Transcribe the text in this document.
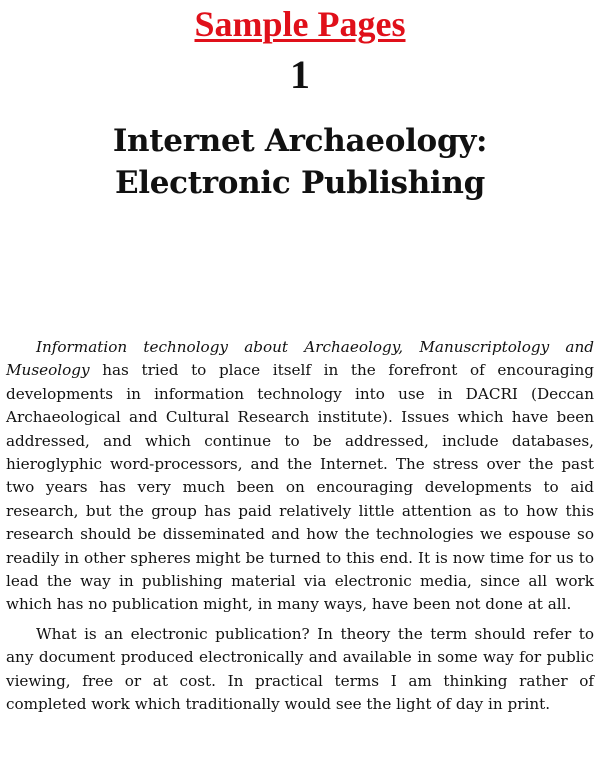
Sample Pages
1
Internet Archaeology:
Electronic Publishing

Information technology about Archaeology, Manuscriptology and Museology has tried to place itself in the forefront of encouraging developments in information technology into use in DACRI (Deccan Archaeological and Cultural Research institute). Issues which have been addressed, and which continue to be addressed, include databases, hieroglyphic word-processors, and the Internet. The stress over the past two years has very much been on encouraging developments to aid research, but the group has paid relatively little attention as to how this research should be disseminated and how the technologies we espouse so readily in other spheres might be turned to this end. It is now time for us to lead the way in publishing material via electronic media, since all work which has no publication might, in many ways, have been not done at all.

What is an electronic publication? In theory the term should refer to any document produced electronically and available in some way for public viewing, free or at cost. In practical terms I am thinking rather of completed work which traditionally would see the light of day in print.
